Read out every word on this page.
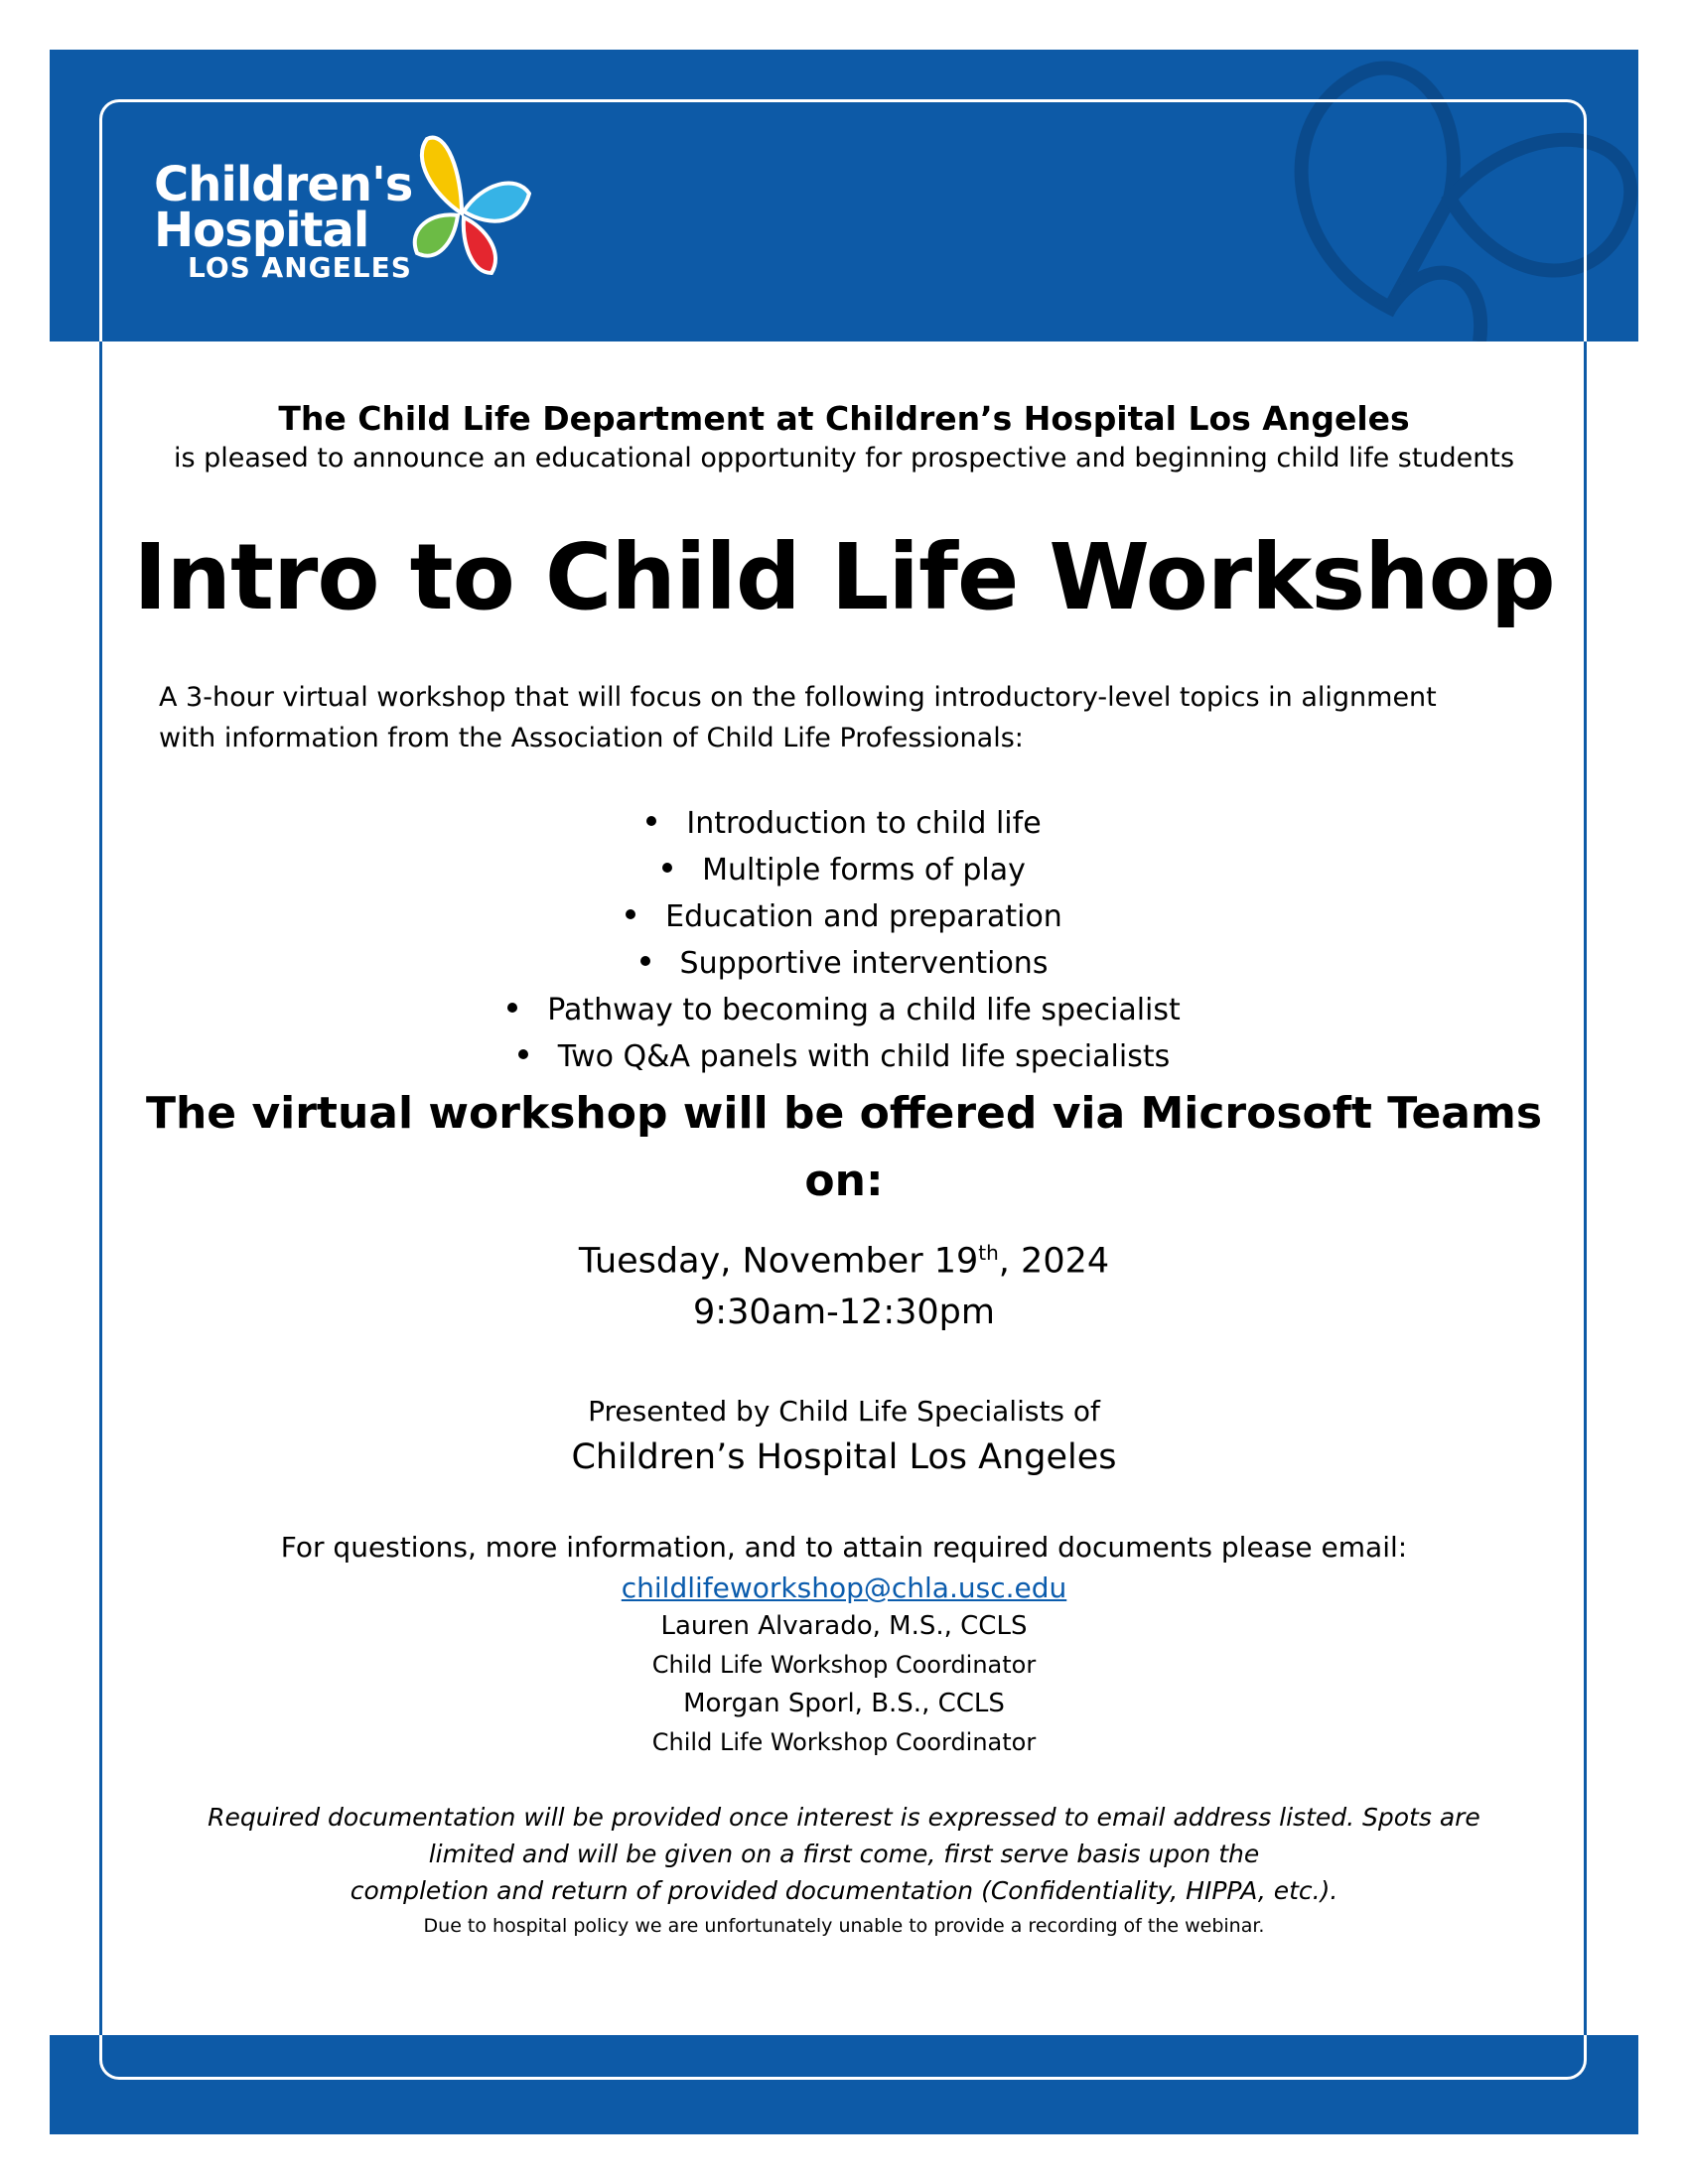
Children's
Hospital
LOS ANGELES
The Child Life Department at Children’s Hospital Los Angeles
is pleased to announce an educational opportunity for prospective and beginning child life students
Intro to Child Life Workshop
A 3-hour virtual workshop that will focus on the following introductory-level topics in alignment with information from the Association of Child Life Professionals:
Introduction to child life
Multiple forms of play
Education and preparation
Supportive interventions
Pathway to becoming a child life specialist
Two Q&A panels with child life specialists
The virtual workshop will be offered via Microsoft Teams on:
Tuesday, November 19th, 2024
9:30am-12:30pm
Presented by Child Life Specialists of
Children’s Hospital Los Angeles
For questions, more information, and to attain required documents please email:
childlifeworkshop@chla.usc.edu
Lauren Alvarado, M.S., CCLS
Child Life Workshop Coordinator
Morgan Sporl, B.S., CCLS
Child Life Workshop Coordinator
Required documentation will be provided once interest is expressed to email address listed. Spots are
limited and will be given on a first come, first serve basis upon the
completion and return of provided documentation (Confidentiality, HIPPA, etc.).
Due to hospital policy we are unfortunately unable to provide a recording of the webinar.
